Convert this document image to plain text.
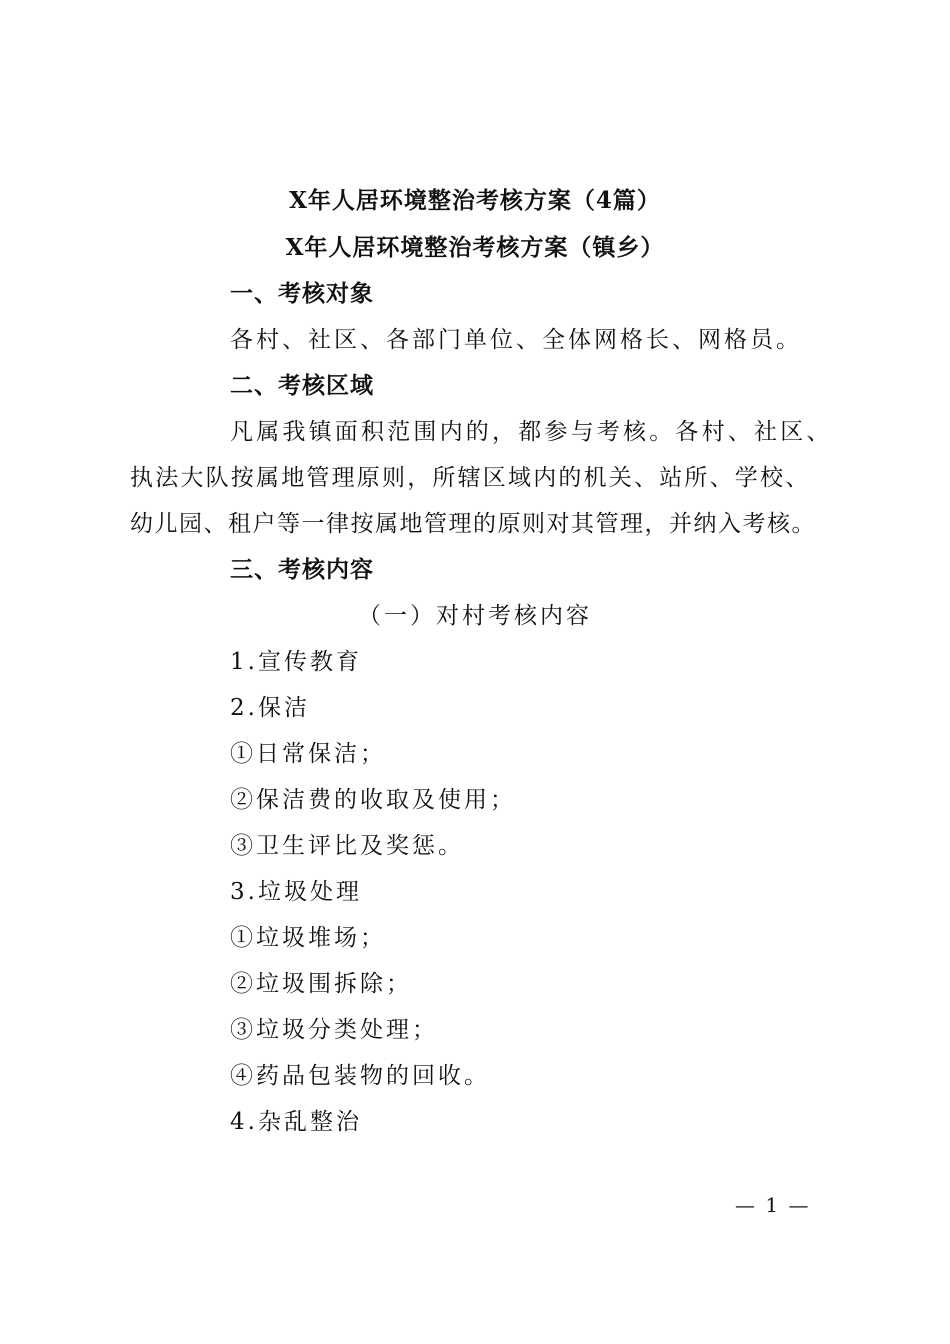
X年人居环境整治考核方案（4篇）
X年人居环境整治考核方案（镇乡）
一、考核对象
各村、社区、各部门单位、全体网格长、网格员。
二、考核区域
凡属我镇面积范围内的，都参与考核。各村、社区、
执法大队按属地管理原则，所辖区域内的机关、站所、学校、
幼儿园、租户等一律按属地管理的原则对其管理，并纳入考核。
三、考核内容
（一）对村考核内容
1.宣传教育
2.保洁
①日常保洁；
②保洁费的收取及使用；
③卫生评比及奖惩。
3.垃圾处理
①垃圾堆场；
②垃圾围拆除；
③垃圾分类处理；
④药品包装物的回收。
4.杂乱整治
— 1 —
